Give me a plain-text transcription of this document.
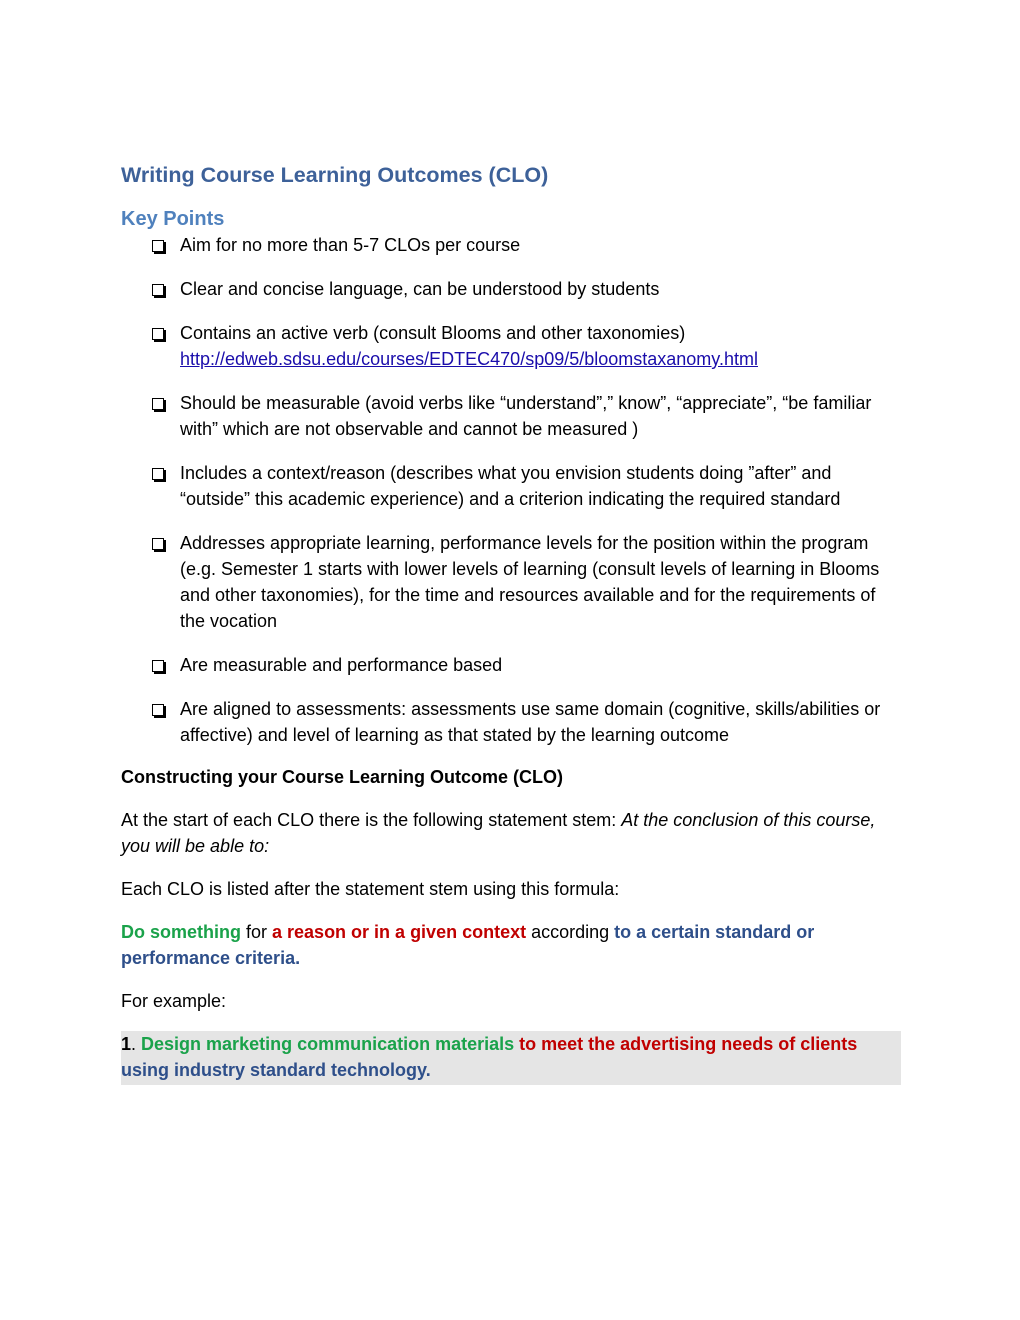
Writing Course Learning Outcomes (CLO)
Key Points
Aim for no more than 5-7 CLOs per course
Clear and concise language, can be understood by students
Contains an active verb (consult Blooms and other taxonomies)
http://edweb.sdsu.edu/courses/EDTEC470/sp09/5/bloomstaxanomy.html
Should be measurable (avoid verbs like “understand”,” know”, “appreciate”, “be familiar with” which are not observable and cannot be measured )
Includes a context/reason (describes what you envision students doing ”after” and “outside” this academic experience) and a criterion indicating the required standard
Addresses appropriate learning, performance levels for the position within the program (e.g. Semester 1 starts with lower levels of learning (consult levels of learning in Blooms and other taxonomies), for the time and resources available and for the requirements of the vocation
Are measurable and performance based
Are aligned to assessments: assessments use same domain (cognitive, skills/abilities or affective) and level of learning as that stated by the learning outcome
Constructing your Course Learning Outcome (CLO)

At the start of each CLO there is the following statement stem: At the conclusion of this course, you will be able to:

Each CLO is listed after the statement stem using this formula:

Do something for a reason or in a given context according to a certain standard or performance criteria.

For example:

1. Design marketing communication materials to meet the advertising needs of clients using industry standard technology.
